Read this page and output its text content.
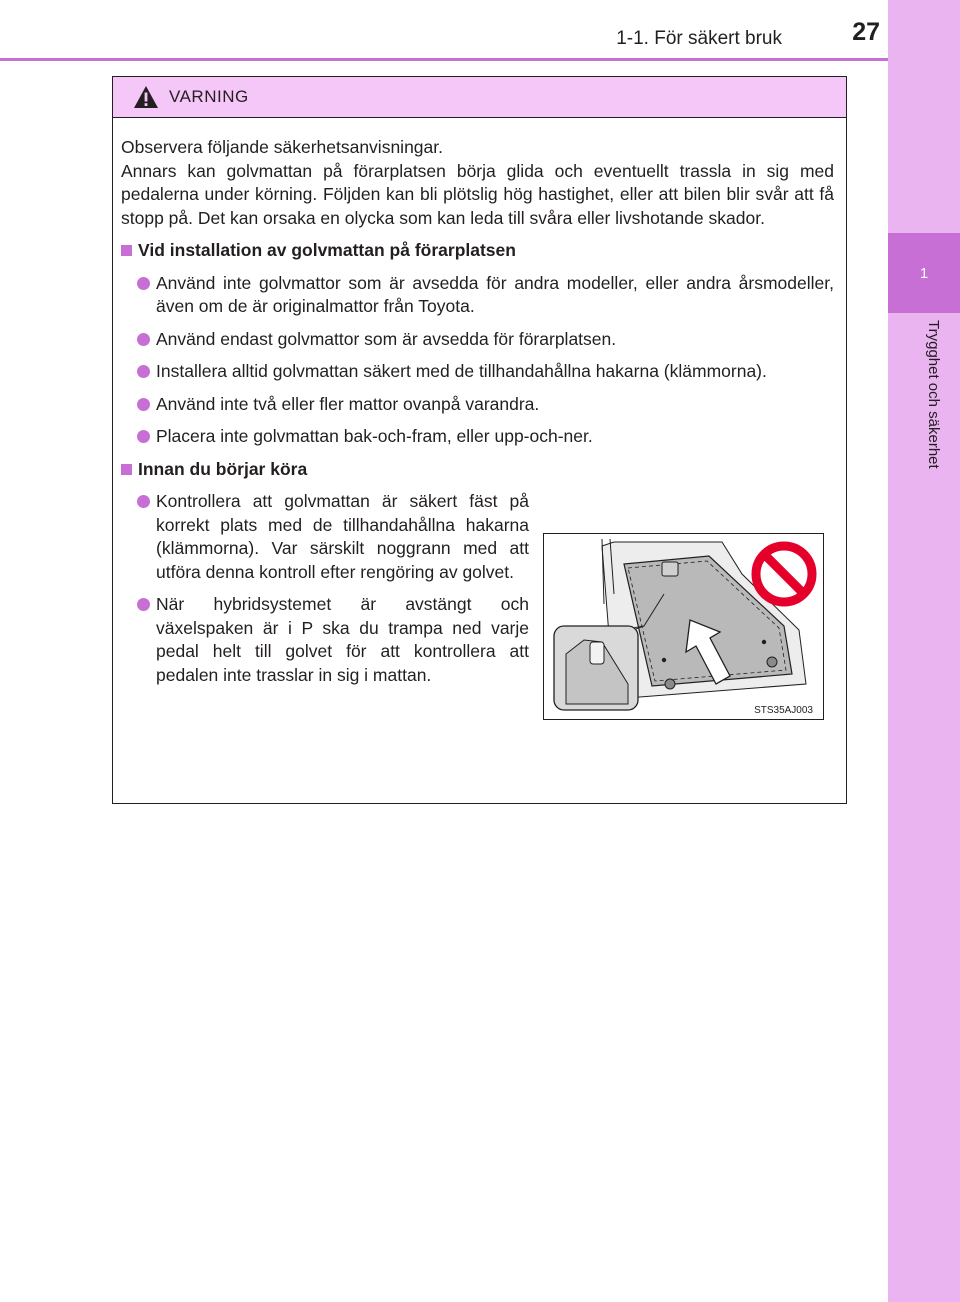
1
Trygghet och säkerhet
1-1. För säkert bruk	27
VARNING

Observera följande säkerhetsanvisningar.

Annars kan golvmattan på förarplatsen börja glida och eventuellt trassla in sig med pedalerna under körning. Följden kan bli plötslig hög hastighet, eller att bilen blir svår att få stopp på. Det kan orsaka en olycka som kan leda till svåra eller livshotande skador.

Vid installation av golvmattan på förarplatsen
Använd inte golvmattor som är avsedda för andra modeller, eller andra årsmodeller, även om de är originalmattor från Toyota.
Använd endast golvmattor som är avsedda för förarplatsen.
Installera alltid golvmattan säkert med de tillhandahållna hakarna (klämmorna).
Använd inte två eller fler mattor ovanpå varandra.
Placera inte golvmattan bak-och-fram, eller upp-och-ner.
Innan du börjar köra
Kontrollera att golvmattan är säkert fäst på korrekt plats med de tillhandahållna hakarna (klämmorna). Var särskilt noggrann med att utföra denna kontroll efter rengöring av golvet.
När hybridsystemet är avstängt och växelspaken är i P ska du trampa ned varje pedal helt till golvet för att kontrollera att pedalen inte trasslar in sig i mattan.
STS35AJ003
